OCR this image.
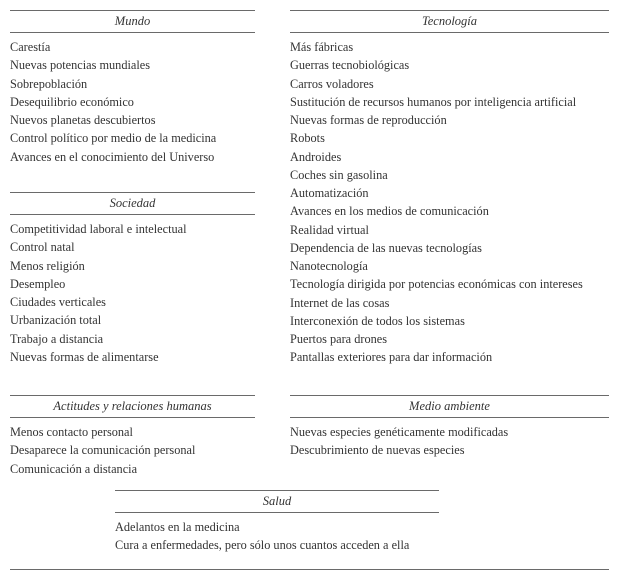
Mundo
Carestía
Nuevas potencias mundiales
Sobrepoblación
Desequilibrio económico
Nuevos planetas descubiertos
Control político por medio de la medicina
Avances en el conocimiento del Universo
Tecnología
Más fábricas
Guerras tecnobiológicas
Carros voladores
Sustitución de recursos humanos por inteligencia artificial
Nuevas formas de reproducción
Robots
Androides
Coches sin gasolina
Automatización
Avances en los medios de comunicación
Realidad virtual
Dependencia de las nuevas tecnologías
Nanotecnología
Tecnología dirigida por potencias económicas con intereses
Internet de las cosas
Interconexión de todos los sistemas
Puertos para drones
Pantallas exteriores para dar información
Sociedad
Competitividad laboral e intelectual
Control natal
Menos religión
Desempleo
Ciudades verticales
Urbanización total
Trabajo a distancia
Nuevas formas de alimentarse
Actitudes y relaciones humanas
Menos contacto personal
Desaparece la comunicación personal
Comunicación a distancia
Medio ambiente
Nuevas especies genéticamente modificadas
Descubrimiento de nuevas especies
Salud
Adelantos en la medicina
Cura a enfermedades, pero sólo unos cuantos acceden a ella
